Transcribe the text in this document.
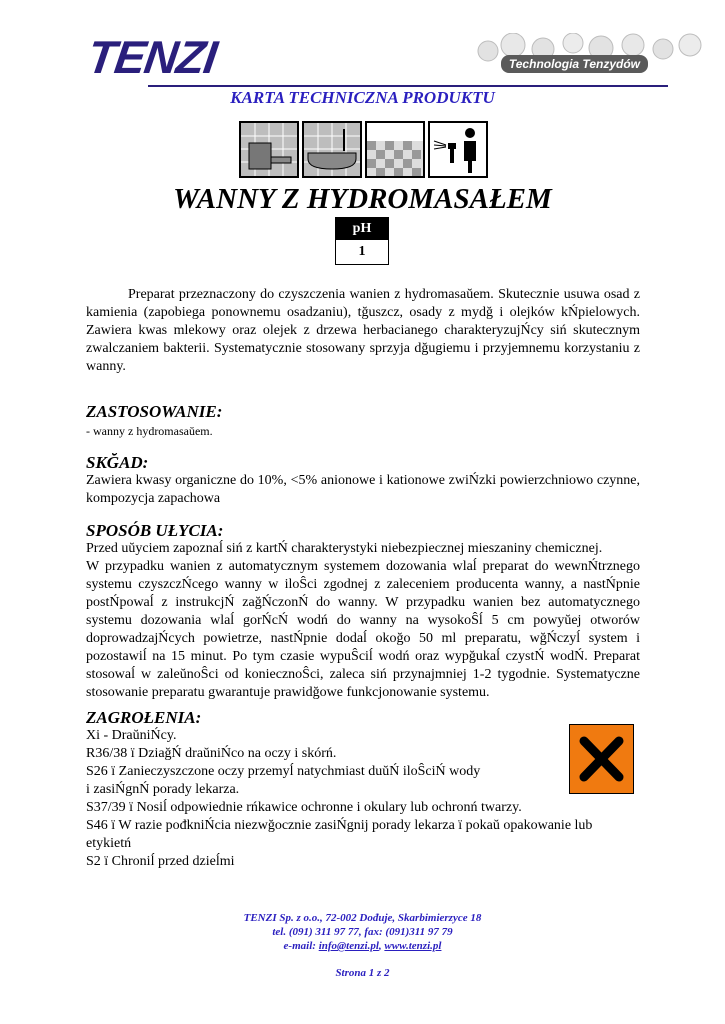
TENZI	Technologia Tenzydów
KARTA TECHNICZNA PRODUKTU
WANNY Z HYDROMASAŁEM
pH
1
Preparat przeznaczony do czyszczenia wanien z hydromasaŭem. Skutecznie usuwa osad z kamienia (zapobiega ponownemu osadzaniu), tğuszcz, osady z mydğ i olejków kŃpielowych. Zawiera kwas mlekowy oraz olejek z drzewa herbacianego charakteryzujŃcy siń skutecznym zwalczaniem bakterii. Systematycznie stosowany sprzyja dğugiemu i przyjemnemu korzystaniu z wanny.
ZASTOSOWANIE:
- wanny z hydromasaŭem.
SKĞAD:
Zawiera kwasy organiczne do 10%, <5% anionowe i kationowe zwiŃzki powierzchniowo czynne, kompozycja zapachowa
SPOSÓB UŁYCIA:
Przed uŭyciem zapoznaĺ siń z kartŃ charakterystyki niebezpiecznej mieszaniny chemicznej.
W przypadku wanien z automatycznym systemem dozowania wlaĺ preparat do wewnŃtrznego systemu czyszczŃcego wanny w iloŜci zgodnej z zaleceniem producenta wanny, a nastŃpnie postŃpowaĺ z instrukcjŃ zağŃczonŃ do wanny. W przypadku wanien bez automatycznego systemu dozowania wlaĺ gorŃcŃ wodń do wanny na wysokoŜĺ 5 cm powyŭej otworów doprowadzajŃcych powietrze, nastŃpnie dodaĺ okoğo 50 ml preparatu, wğŃczyĺ system i pozostawiĺ na 15 minut. Po tym czasie wypuŜciĺ wodń oraz wypğukaĺ czystŃ wodŃ. Preparat stosowaĺ w zaleŭnoŜci od koniecznoŜci, zaleca siń przynajmniej 1-2 tygodnie. Systematyczne stosowanie preparatu gwarantuje prawidğowe funkcjonowanie systemu.
ZAGROŁENIA:
Xi - DraŭniŃcy.
R36/38 ï DziağŃ draŭniŃco na oczy i skórń.
S26 ï Zanieczyszczone oczy przemyĺ natychmiast duŭŃ iloŜciŃ wody
i zasiŃgnŃ porady lekarza.
S37/39 ï Nosiĺ odpowiednie rńkawice ochronne i okulary lub ochronń twarzy.
S46 ï W razie pođkniŃcia niezwğocznie zasiŃgnij porady lekarza ï pokaŭ opakowanie lub etykietń
S2 ï Chroniĺ przed dzieĺmi
TENZI Sp. z o.o., 72-002 Dođuje, Skarbimierzyce 18
tel. (091) 311 97 77, fax: (091)311 97 79
e-mail: info@tenzi.pl, www.tenzi.pl
Strona 1 z 2
